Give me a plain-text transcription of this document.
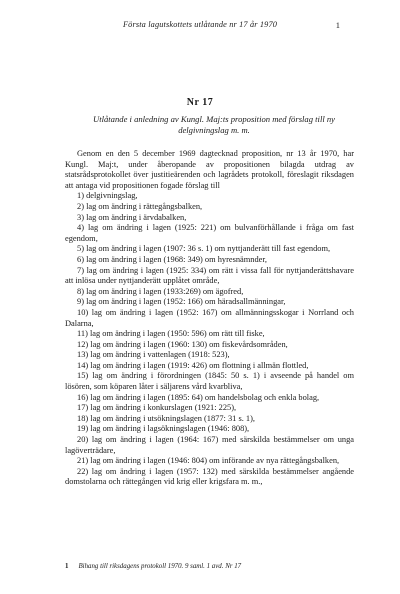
Första lagutskottets utlåtande nr 17 år 1970	1
Nr 17
Utlåtande i anledning av Kungl. Maj:ts proposition med förslag till ny delgivningslag m. m.

Genom en den 5 december 1969 dagtecknad proposition, nr 13 år 1970, har Kungl. Maj:t, under åberopande av propositionen bilagda utdrag av statsrådsprotokollet över justitieärenden och lagrådets protokoll, föreslagit riksdagen att antaga vid propositionen fogade förslag till

1) delgivningslag,
2) lag om ändring i rättegångsbalken,
3) lag om ändring i ärvdabalken,
4) lag om ändring i lagen (1925: 221) om bulvanförhållande i fråga om fast egendom,
5) lag om ändring i lagen (1907: 36 s. 1) om nyttjanderätt till fast egendom,
6) lag om ändring i lagen (1968: 349) om hyresnämnder,
7) lag om ändring i lagen (1925: 334) om rätt i vissa fall för nyttjanderättshavare att inlösa under nyttjanderätt upplåtet område,
8) lag om ändring i lagen (1933:269) om ägofred,
9) lag om ändring i lagen (1952: 166) om häradsallmänningar,
10) lag om ändring i lagen (1952: 167) om allmänningsskogar i Norrland och Dalarna,
11) lag om ändring i lagen (1950: 596) om rätt till fiske,
12) lag om ändring i lagen (1960: 130) om fiskevårdsområden,
13) lag om ändring i vattenlagen (1918: 523),
14) lag om ändring i lagen (1919: 426) om flottning i allmän flottled,
15) lag om ändring i förordningen (1845: 50 s. 1) i avseende på handel om lösören, som köparen låter i säljarens vård kvarbliva,
16) lag om ändring i lagen (1895: 64) om handelsbolag och enkla bolag,
17) lag om ändring i konkurslagen (1921: 225),
18) lag om ändring i utsökningslagen (1877: 31 s. 1),
19) lag om ändring i lagsökningslagen (1946: 808),
20) lag om ändring i lagen (1964: 167) med särskilda bestämmelser om unga lagöverträdare,
21) lag om ändring i lagen (1946: 804) om införande av nya rättegångsbalken,
22) lag om ändring i lagen (1957: 132) med särskilda bestämmelser angående domstolarna och rättegången vid krig eller krigsfara m. m.,
1 Bihang till riksdagens protokoll 1970. 9 saml. 1 avd. Nr 17
